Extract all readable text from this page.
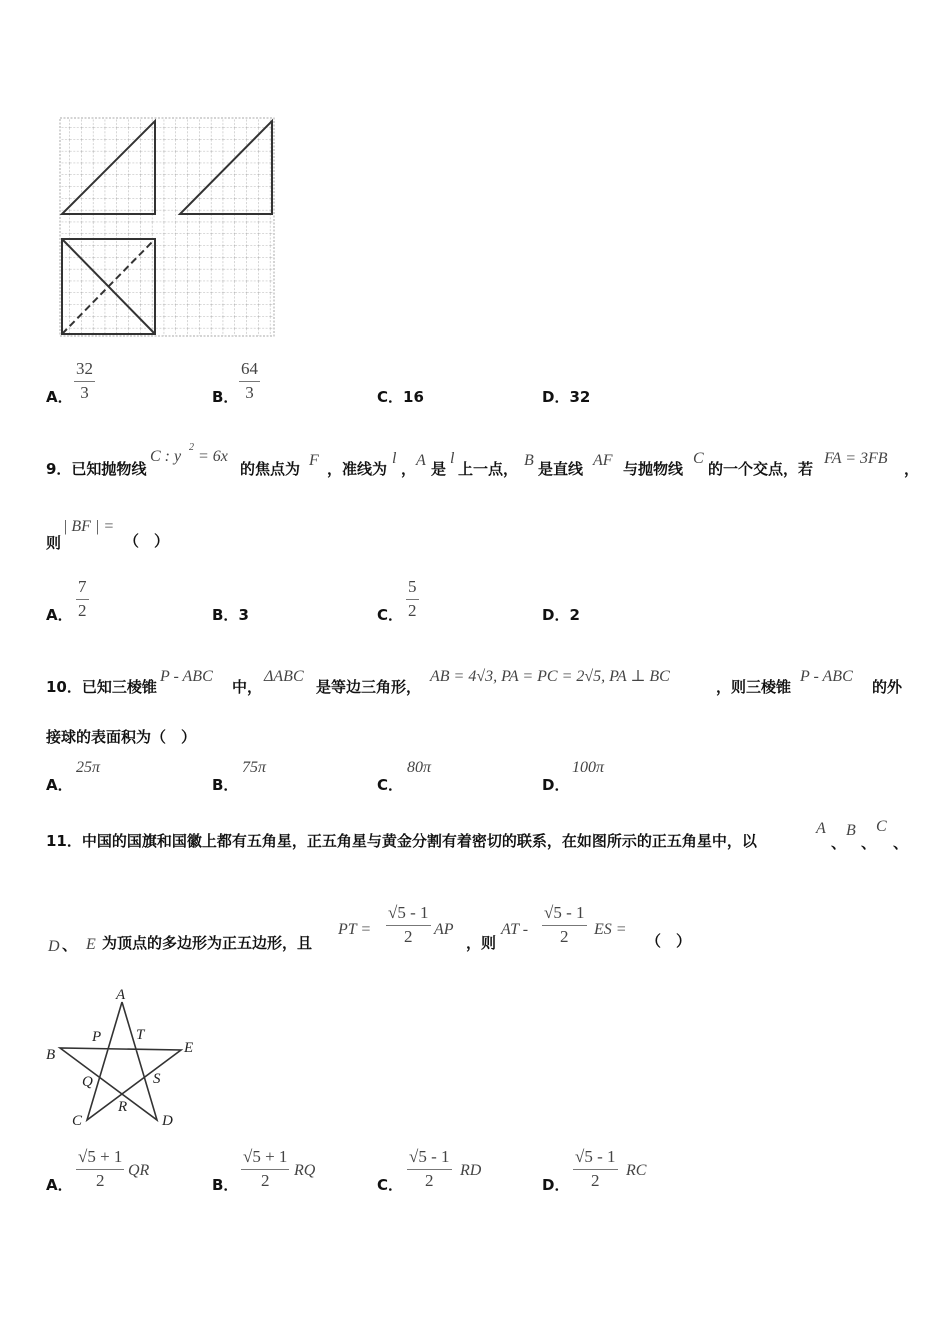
A． $\frac{32}{3}$	B． $\frac{64}{3}$	C．16	D．32
9．已知抛物线
C : y
2
= 6x
的焦点为 F ，准线为
l
， A 是
l
上一点， B 是直线 AF 与抛物线
C
的一个交点，若
FA = 3FB
，
则
| BF | =
（　）
A． $\frac{7}{2}$	B．3	C． $\frac{5}{2}$	D．2
10．已知三棱锥
P - ABC
中，
ΔABC
是等边三角形，
AB = 4√3, PA = PC = 2√5, PA ⊥ BC
，则三棱锥
P - ABC
的外
接球的表面积为（　）
A．
25π
B．
75π
C．
80π
D．
100π
11．中国的国旗和国徽上都有五角星，正五角星与黄金分割有着密切的联系，在如图所示的正五角星中，以
A
、
B
、
C
、
D 、 E 为顶点的多边形为正五边形，且
PT = $\frac{√5 - 1}{2}$ AP
，则
AT - $\frac{√5 - 1}{2}$ ES =
（　）
A
B
C	D
E
P T
Q
R
S
A． $\frac{√5 + 1}{2}$ QR
B． $\frac{√5 + 1}{2}$ RQ
C． $\frac{√5 - 1}{2}$ RD
D． $\frac{√5 - 1}{2}$ RC
